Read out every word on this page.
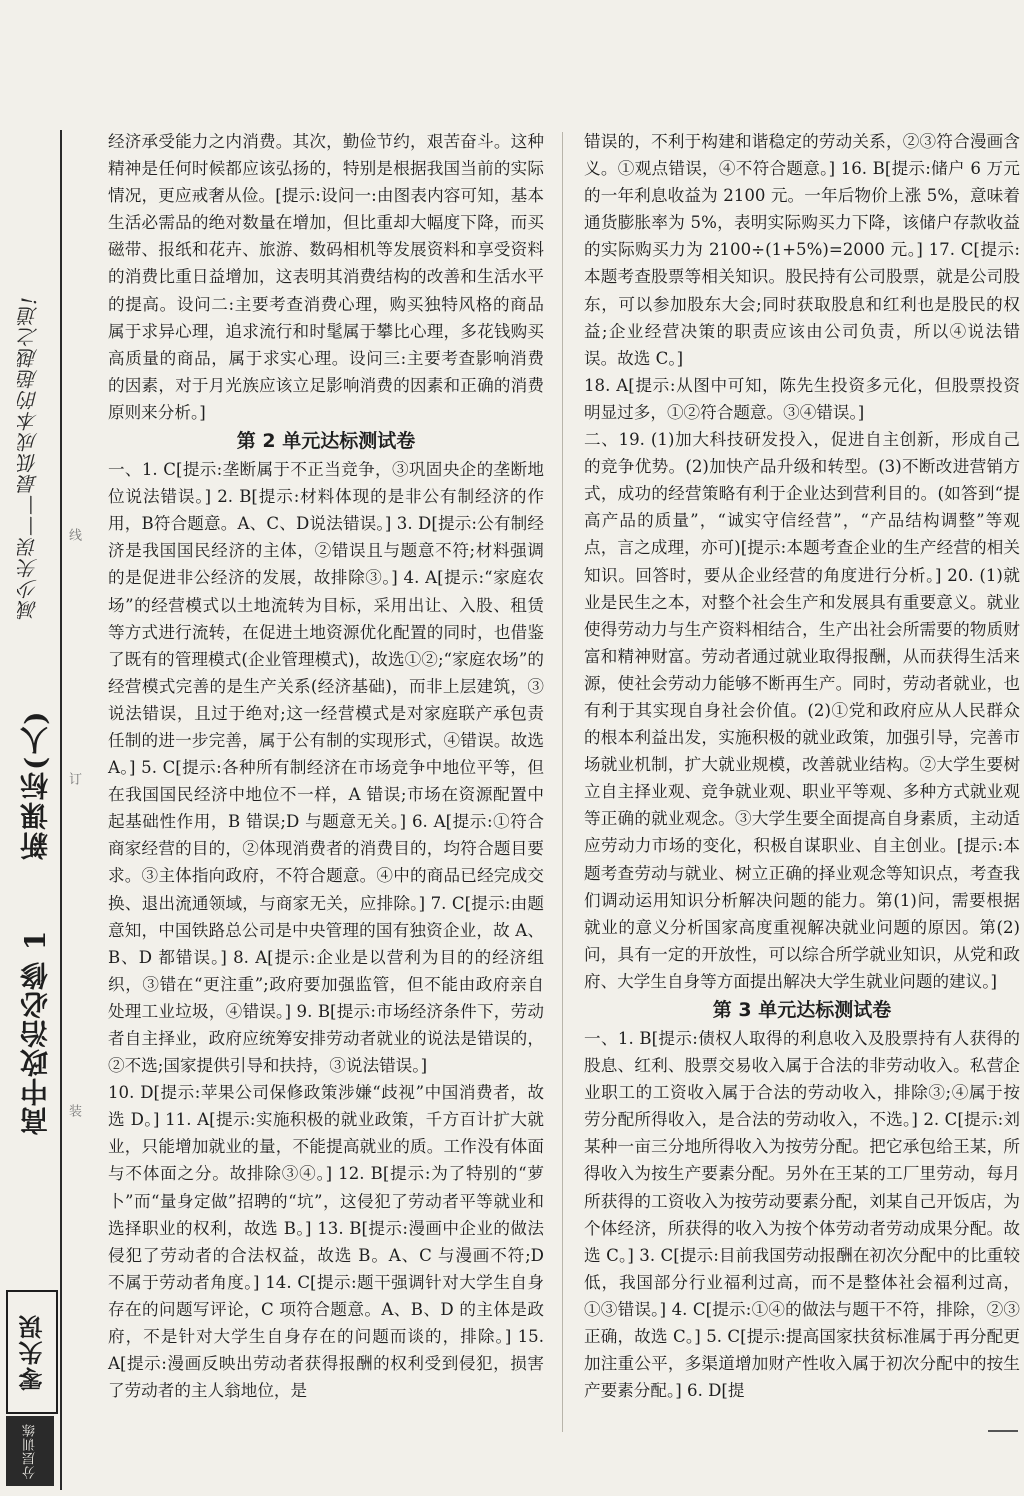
减少失误——最低成本的超越之道!
新课标(人)
高中政治必修 1
零失误
分层训练
线
订
装

经济承受能力之内消费。其次，勤俭节约，艰苦奋斗。这种精神是任何时候都应该弘扬的，特别是根据我国当前的实际情况，更应戒奢从俭。[提示:设问一:由图表内容可知，基本生活必需品的绝对数量在增加，但比重却大幅度下降，而买磁带、报纸和花卉、旅游、数码相机等发展资料和享受资料的消费比重日益增加，这表明其消费结构的改善和生活水平的提高。设问二:主要考查消费心理，购买独特风格的商品属于求异心理，追求流行和时髦属于攀比心理，多花钱购买高质量的商品，属于求实心理。设问三:主要考查影响消费的因素，对于月光族应该立足影响消费的因素和正确的消费原则来分析。]

第 2 单元达标测试卷

一、1. C[提示:垄断属于不正当竞争，③巩固央企的垄断地位说法错误。] 2. B[提示:材料体现的是非公有制经济的作用，B符合题意。A、C、D说法错误。] 3. D[提示:公有制经济是我国国民经济的主体，②错误且与题意不符;材料强调的是促进非公经济的发展，故排除③。] 4. A[提示:“家庭农场”的经营模式以土地流转为目标，采用出让、入股、租赁等方式进行流转，在促进土地资源优化配置的同时，也借鉴了既有的管理模式(企业管理模式)，故选①②;“家庭农场”的经营模式完善的是生产关系(经济基础)，而非上层建筑，③说法错误，且过于绝对;这一经营模式是对家庭联产承包责任制的进一步完善，属于公有制的实现形式，④错误。故选 A。] 5. C[提示:各种所有制经济在市场竞争中地位平等，但在我国国民经济中地位不一样，A 错误;市场在资源配置中起基础性作用，B 错误;D 与题意无关。] 6. A[提示:①符合商家经营的目的，②体现消费者的消费目的，均符合题目要求。③主体指向政府，不符合题意。④中的商品已经完成交换、退出流通领域，与商家无关，应排除。] 7. C[提示:由题意知，中国铁路总公司是中央管理的国有独资企业，故 A、B、D 都错误。] 8. A[提示:企业是以营利为目的的经济组织，③错在“更注重”;政府要加强监管，但不能由政府亲自处理工业垃圾，④错误。] 9. B[提示:市场经济条件下，劳动者自主择业，政府应统筹安排劳动者就业的说法是错误的，②不选;国家提供引导和扶持，③说法错误。]

10. D[提示:苹果公司保修政策涉嫌“歧视”中国消费者，故选 D。] 11. A[提示:实施积极的就业政策，千方百计扩大就业，只能增加就业的量，不能提高就业的质。工作没有体面与不体面之分。故排除③④。] 12. B[提示:为了特别的“萝卜”而“量身定做”招聘的“坑”，这侵犯了劳动者平等就业和选择职业的权利，故选 B。] 13. B[提示:漫画中企业的做法侵犯了劳动者的合法权益，故选 B。A、C 与漫画不符;D 不属于劳动者角度。] 14. C[提示:题干强调针对大学生自身存在的问题写评论，C 项符合题意。A、B、D 的主体是政府，不是针对大学生自身存在的问题而谈的，排除。] 15. A[提示:漫画反映出劳动者获得报酬的权利受到侵犯，损害了劳动者的主人翁地位，是

错误的，不利于构建和谐稳定的劳动关系，②③符合漫画含义。①观点错误，④不符合题意。] 16. B[提示:储户 6 万元的一年利息收益为 2100 元。一年后物价上涨 5%，意味着通货膨胀率为 5%，表明实际购买力下降，该储户存款收益的实际购买力为 2100÷(1+5%)=2000 元。] 17. C[提示:本题考查股票等相关知识。股民持有公司股票，就是公司股东，可以参加股东大会;同时获取股息和红利也是股民的权益;企业经营决策的职责应该由公司负责，所以④说法错误。故选 C。]

18. A[提示:从图中可知，陈先生投资多元化，但股票投资明显过多，①②符合题意。③④错误。]

二、19. (1)加大科技研发投入，促进自主创新，形成自己的竞争优势。(2)加快产品升级和转型。(3)不断改进营销方式，成功的经营策略有利于企业达到营利目的。(如答到“提高产品的质量”，“诚实守信经营”，“产品结构调整”等观点，言之成理，亦可)[提示:本题考查企业的生产经营的相关知识。回答时，要从企业经营的角度进行分析。] 20. (1)就业是民生之本，对整个社会生产和发展具有重要意义。就业使得劳动力与生产资料相结合，生产出社会所需要的物质财富和精神财富。劳动者通过就业取得报酬，从而获得生活来源，使社会劳动力能够不断再生产。同时，劳动者就业，也有利于其实现自身社会价值。(2)①党和政府应从人民群众的根本利益出发，实施积极的就业政策，加强引导，完善市场就业机制，扩大就业规模，改善就业结构。②大学生要树立自主择业观、竞争就业观、职业平等观、多种方式就业观等正确的就业观念。③大学生要全面提高自身素质，主动适应劳动力市场的变化，积极自谋职业、自主创业。[提示:本题考查劳动与就业、树立正确的择业观念等知识点，考查我们调动运用知识分析解决问题的能力。第(1)问，需要根据就业的意义分析国家高度重视解决就业问题的原因。第(2)问，具有一定的开放性，可以综合所学就业知识，从党和政府、大学生自身等方面提出解决大学生就业问题的建议。]

第 3 单元达标测试卷

一、1. B[提示:债权人取得的利息收入及股票持有人获得的股息、红利、股票交易收入属于合法的非劳动收入。私营企业职工的工资收入属于合法的劳动收入，排除③;④属于按劳分配所得收入，是合法的劳动收入，不选。] 2. C[提示:刘某种一亩三分地所得收入为按劳分配。把它承包给王某，所得收入为按生产要素分配。另外在王某的工厂里劳动，每月所获得的工资收入为按劳动要素分配，刘某自己开饭店，为个体经济，所获得的收入为按个体劳动者劳动成果分配。故选 C。] 3. C[提示:目前我国劳动报酬在初次分配中的比重较低，我国部分行业福利过高，而不是整体社会福利过高，①③错误。] 4. C[提示:①④的做法与题干不符，排除，②③正确，故选 C。] 5. C[提示:提高国家扶贫标准属于再分配更加注重公平，多渠道增加财产性收入属于初次分配中的按生产要素分配。] 6. D[提
